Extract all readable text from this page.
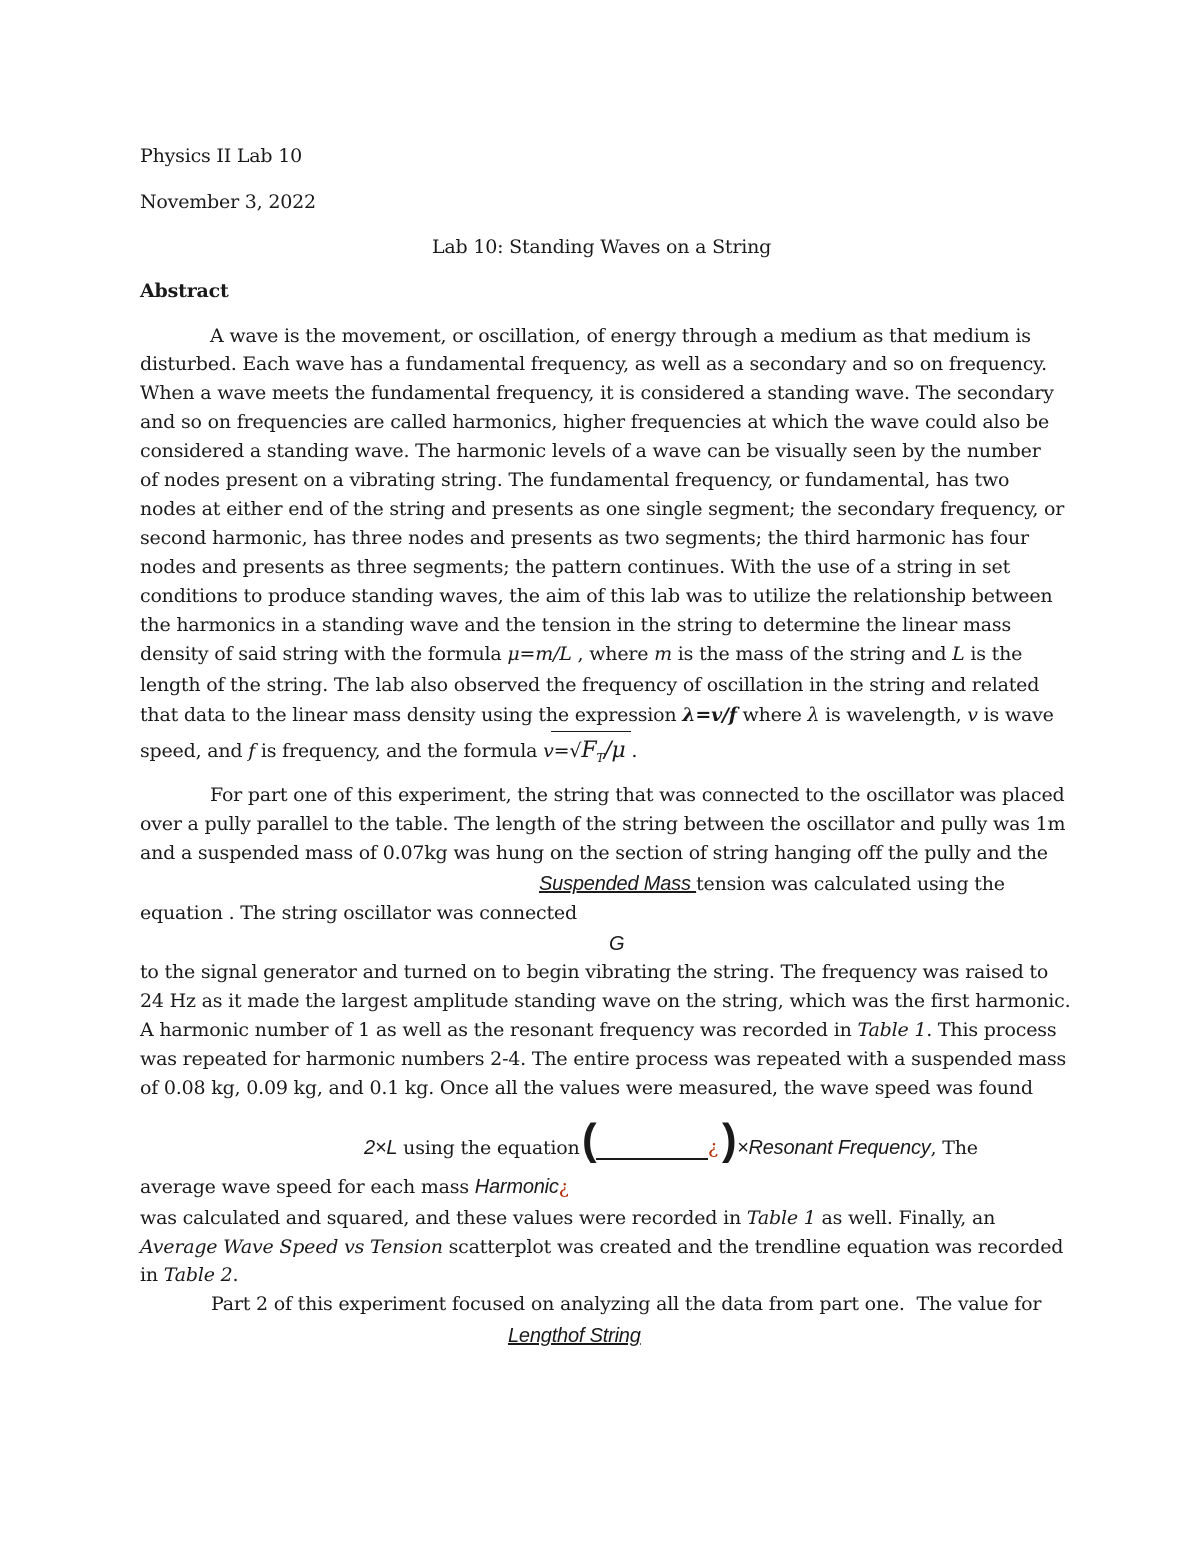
Physics II Lab 10
November 3, 2022
Lab 10: Standing Waves on a String
Abstract
A wave is the movement, or oscillation, of energy through a medium as that medium is
disturbed. Each wave has a fundamental frequency, as well as a secondary and so on frequency.
When a wave meets the fundamental frequency, it is considered a standing wave. The secondary
and so on frequencies are called harmonics, higher frequencies at which the wave could also be
considered a standing wave. The harmonic levels of a wave can be visually seen by the number
of nodes present on a vibrating string. The fundamental frequency, or fundamental, has two
nodes at either end of the string and presents as one single segment; the secondary frequency, or
second harmonic, has three nodes and presents as two segments; the third harmonic has four
nodes and presents as three segments; the pattern continues. With the use of a string in set
conditions to produce standing waves, the aim of this lab was to utilize the relationship between
the harmonics in a standing wave and the tension in the string to determine the linear mass
density of said string with the formula μ=m/L , where m is the mass of the string and L is the
length of the string. The lab also observed the frequency of oscillation in the string and related
that data to the linear mass density using the expression λ=v/f where λ is wavelength, v is wave
speed, and f is frequency, and the formula $v=√F_T/\mu$ .
For part one of this experiment, the string that was connected to the oscillator was placed
over a pully parallel to the table. The length of the string between the oscillator and pully was 1m
and a suspended mass of 0.07kg was hung on the section of string hanging off the pully and the
Suspended Mass tension was calculated using the
equation . The string oscillator was connected
G
to the signal generator and turned on to begin vibrating the string. The frequency was raised to
24 Hz as it made the largest amplitude standing wave on the string, which was the first harmonic.
A harmonic number of 1 as well as the resonant frequency was recorded in Table 1. This process
was repeated for harmonic numbers 2-4. The entire process was repeated with a suspended mass
of 0.08 kg, 0.09 kg, and 0.1 kg. Once all the values were measured, the wave speed was found
2×L using the equation
(	¿ ) ×Resonant Frequency, The
average wave speed for each mass Harmonic¿
was calculated and squared, and these values were recorded in Table 1 as well. Finally, an
Average Wave Speed vs Tension scatterplot was created and the trendline equation was recorded
in Table 2.
Part 2 of this experiment focused on analyzing all the data from part one.  The value for
Lengthof String
